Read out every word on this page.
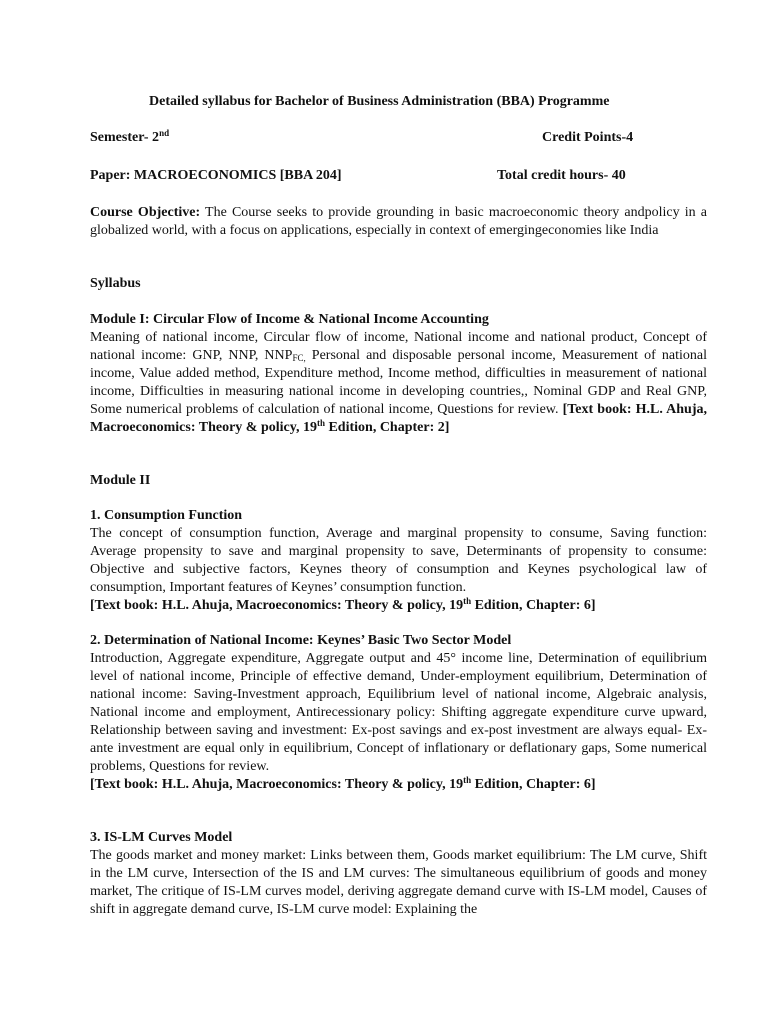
Detailed syllabus for Bachelor of Business Administration (BBA) Programme
Semester- 2nd	Credit Points-4
Paper: MACROECONOMICS [BBA 204]	Total credit hours- 40
Course Objective: The Course seeks to provide grounding in basic macroeconomic theory andpolicy in a globalized world, with a focus on applications, especially in context of emergingeconomies like India
Syllabus
Module I: Circular Flow of Income & National Income Accounting
Meaning of national income, Circular flow of income, National income and national product, Concept of national income: GNP, NNP, $NNP_{FC,}$ Personal and disposable personal income, Measurement of national income, Value added method, Expenditure method, Income method, difficulties in measurement of national income, Difficulties in measuring national income in developing countries,, Nominal GDP and Real GNP, Some numerical problems of calculation of national income, Questions for review. [Text book: H.L. Ahuja, Macroeconomics: Theory & policy, 19th Edition, Chapter: 2]
Module II
1. Consumption Function
The concept of consumption function, Average and marginal propensity to consume, Saving function: Average propensity to save and marginal propensity to save, Determinants of propensity to consume: Objective and subjective factors, Keynes theory of consumption and Keynes psychological law of consumption, Important features of Keynes’ consumption function.
[Text book: H.L. Ahuja, Macroeconomics: Theory & policy, 19th Edition, Chapter: 6]
2. Determination of National Income: Keynes’ Basic Two Sector Model
Introduction, Aggregate expenditure, Aggregate output and 45° income line, Determination of equilibrium level of national income, Principle of effective demand, Under-employment equilibrium, Determination of national income: Saving-Investment approach, Equilibrium level of national income, Algebraic analysis, National income and employment, Antirecessionary policy: Shifting aggregate expenditure curve upward, Relationship between saving and investment: Ex-post savings and ex-post investment are always equal- Ex-ante investment are equal only in equilibrium, Concept of inflationary or deflationary gaps, Some numerical problems, Questions for review.
[Text book: H.L. Ahuja, Macroeconomics: Theory & policy, 19th Edition, Chapter: 6]
3. IS-LM Curves Model
The goods market and money market: Links between them, Goods market equilibrium: The LM curve, Shift in the LM curve, Intersection of the IS and LM curves: The simultaneous equilibrium of goods and money market, The critique of IS-LM curves model, deriving aggregate demand curve with IS-LM model, Causes of shift in aggregate demand curve, IS-LM curve model: Explaining the
